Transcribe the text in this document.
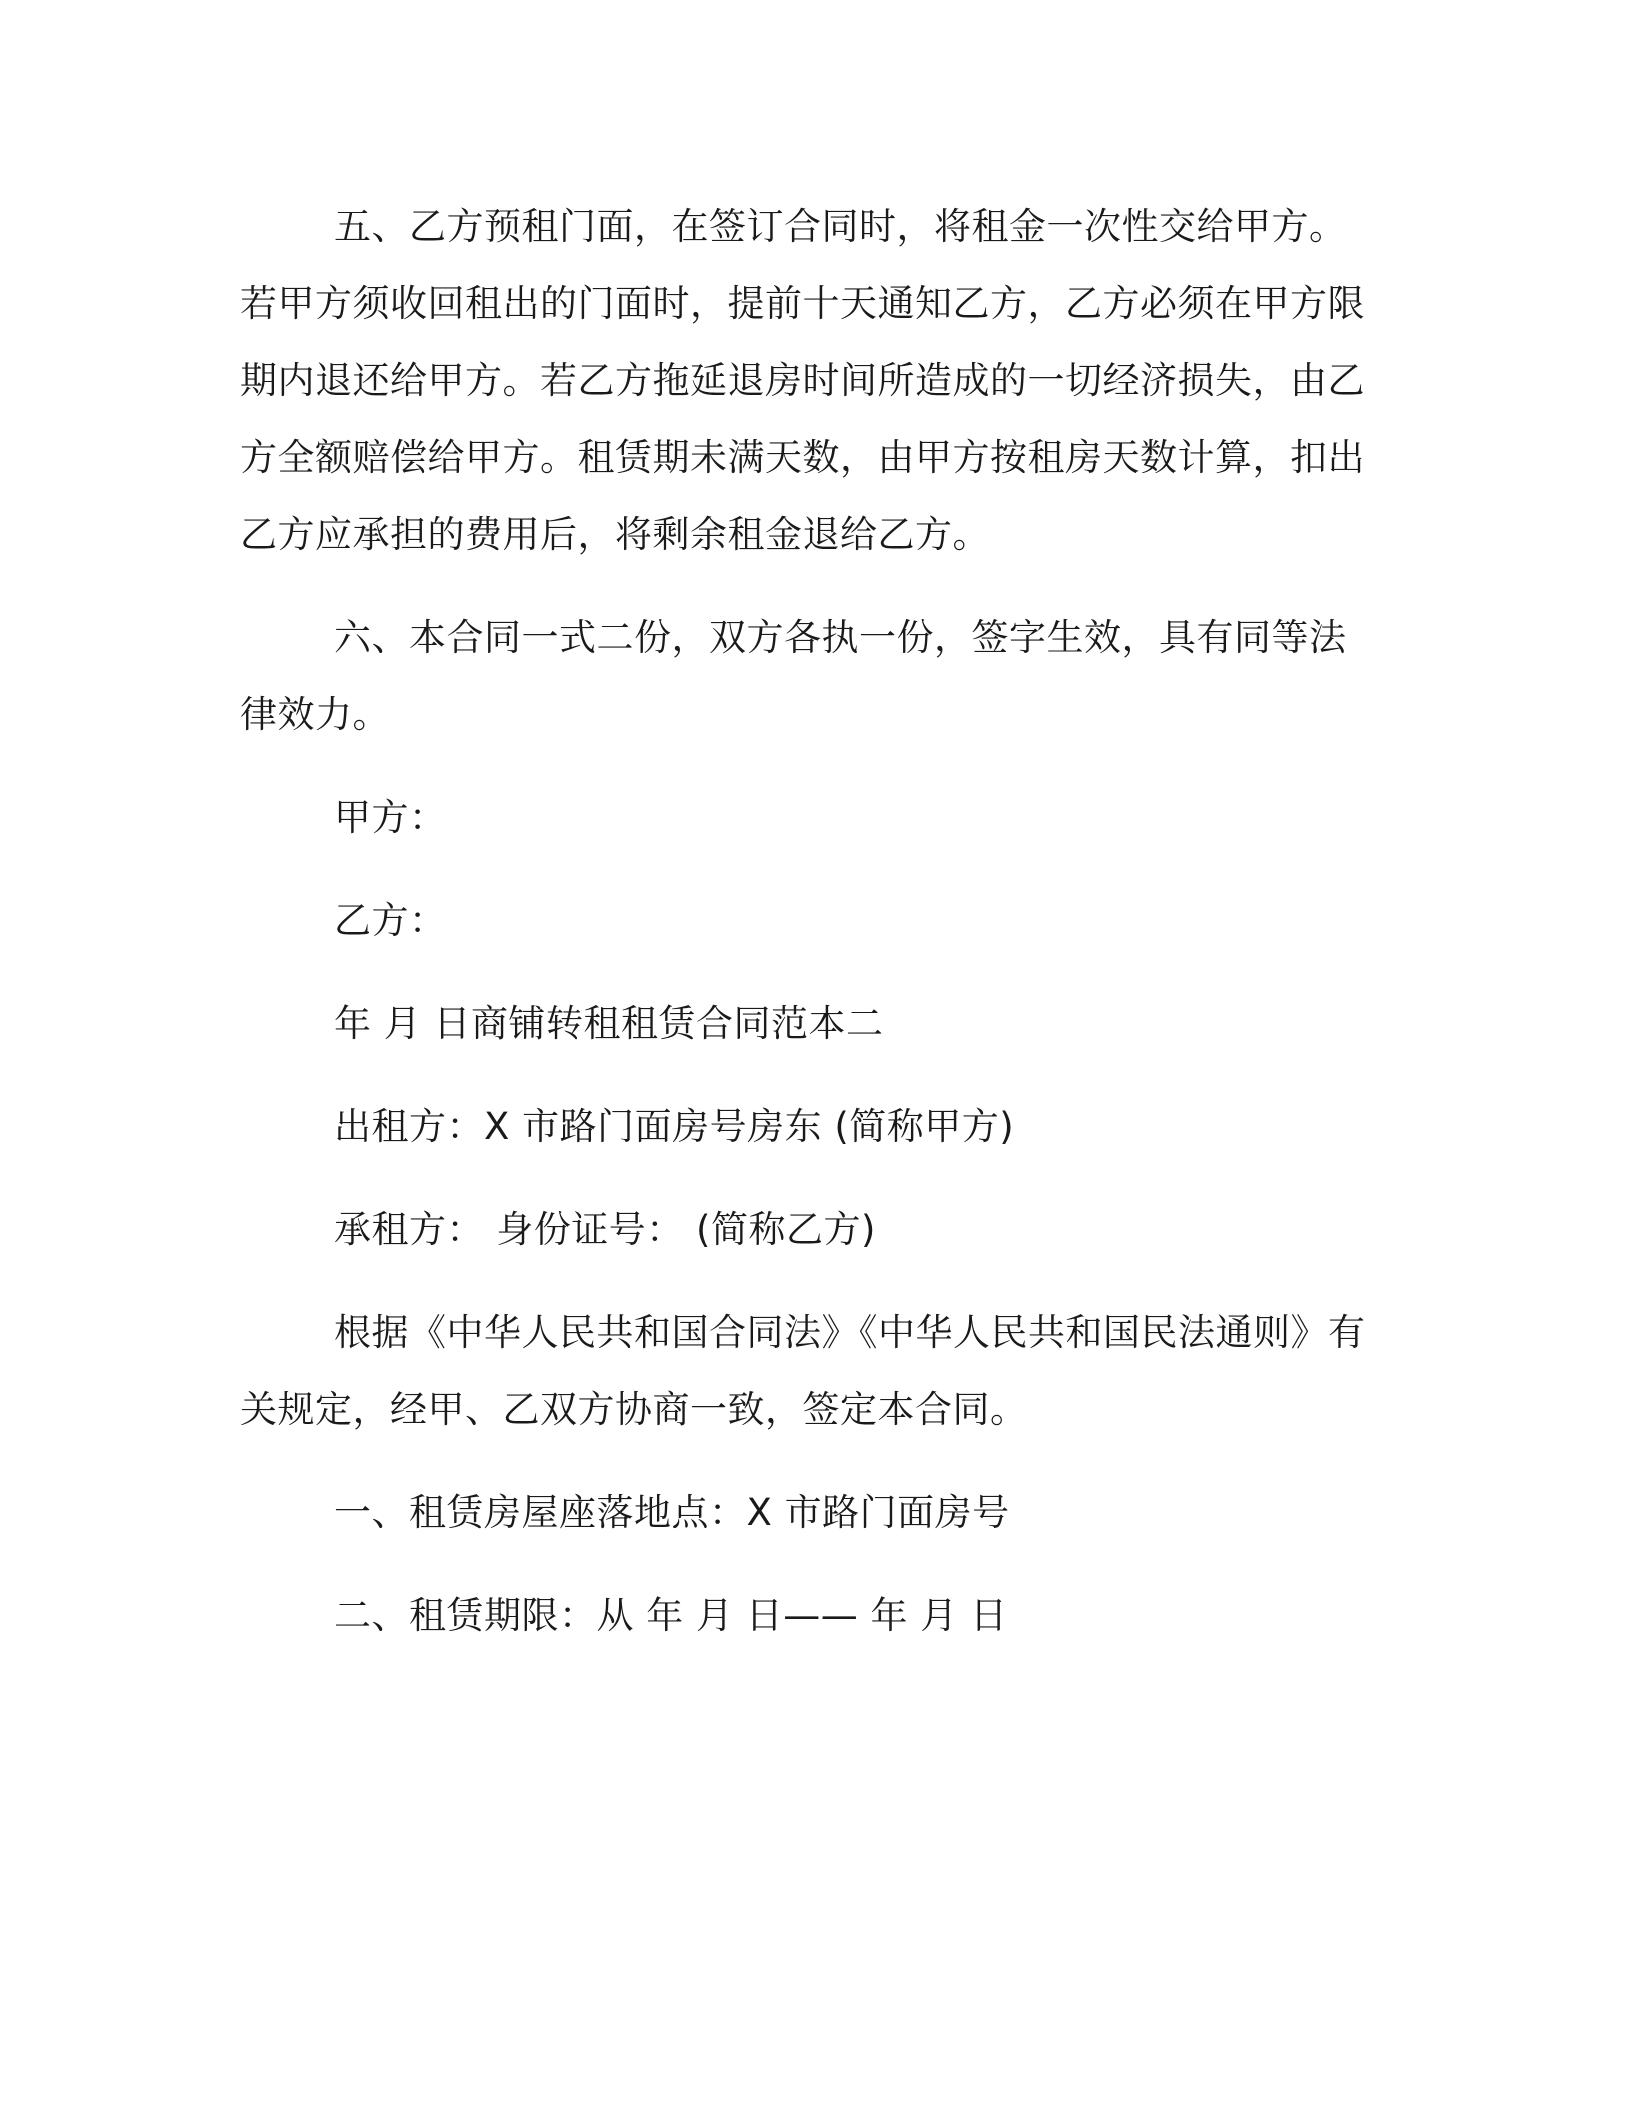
五、乙方预租门面，在签订合同时，将租金一次性交给甲方。若甲方须收回租出的门面时，提前十天通知乙方，乙方必须在甲方限期内退还给甲方。若乙方拖延退房时间所造成的一切经济损失，由乙方全额赔偿给甲方。租赁期未满天数，由甲方按租房天数计算，扣出乙方应承担的费用后，将剩余租金退给乙方。

六、本合同一式二份，双方各执一份，签字生效，具有同等法律效力。

甲方：

乙方：

年 月 日商铺转租租赁合同范本二

出租方：X 市路门面房号房东 (简称甲方)

承租方： 身份证号： (简称乙方)

根据《中华人民共和国合同法》《中华人民共和国民法通则》有关规定，经甲、乙双方协商一致，签定本合同。

一、租赁房屋座落地点：X 市路门面房号

二、租赁期限：从 年 月 日—— 年 月 日
